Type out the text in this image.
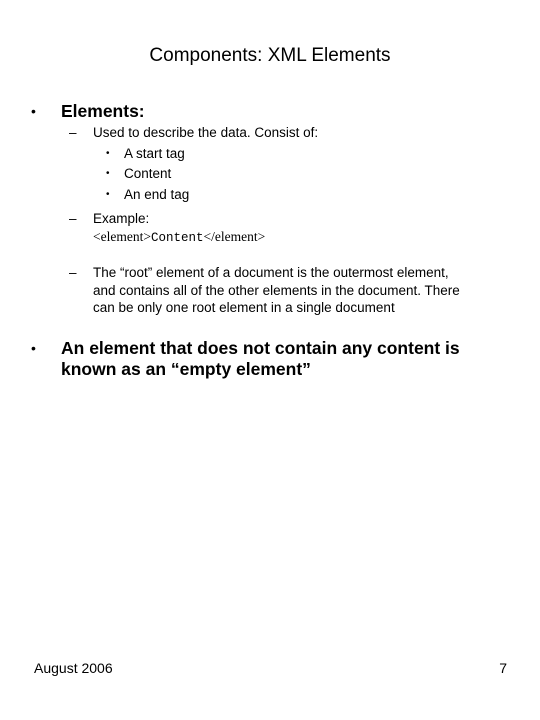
Components: XML Elements
• Elements:
– Used to describe the data. Consist of:
• A start tag
• Content
• An end tag
– Example:
<element>Content</element>
– The “root” element of a document is the outermost element,
and contains all of the other elements in the document. There
can be only one root element in a single document
• An element that does not contain any content is
known as an “empty element”
August 2006	7
